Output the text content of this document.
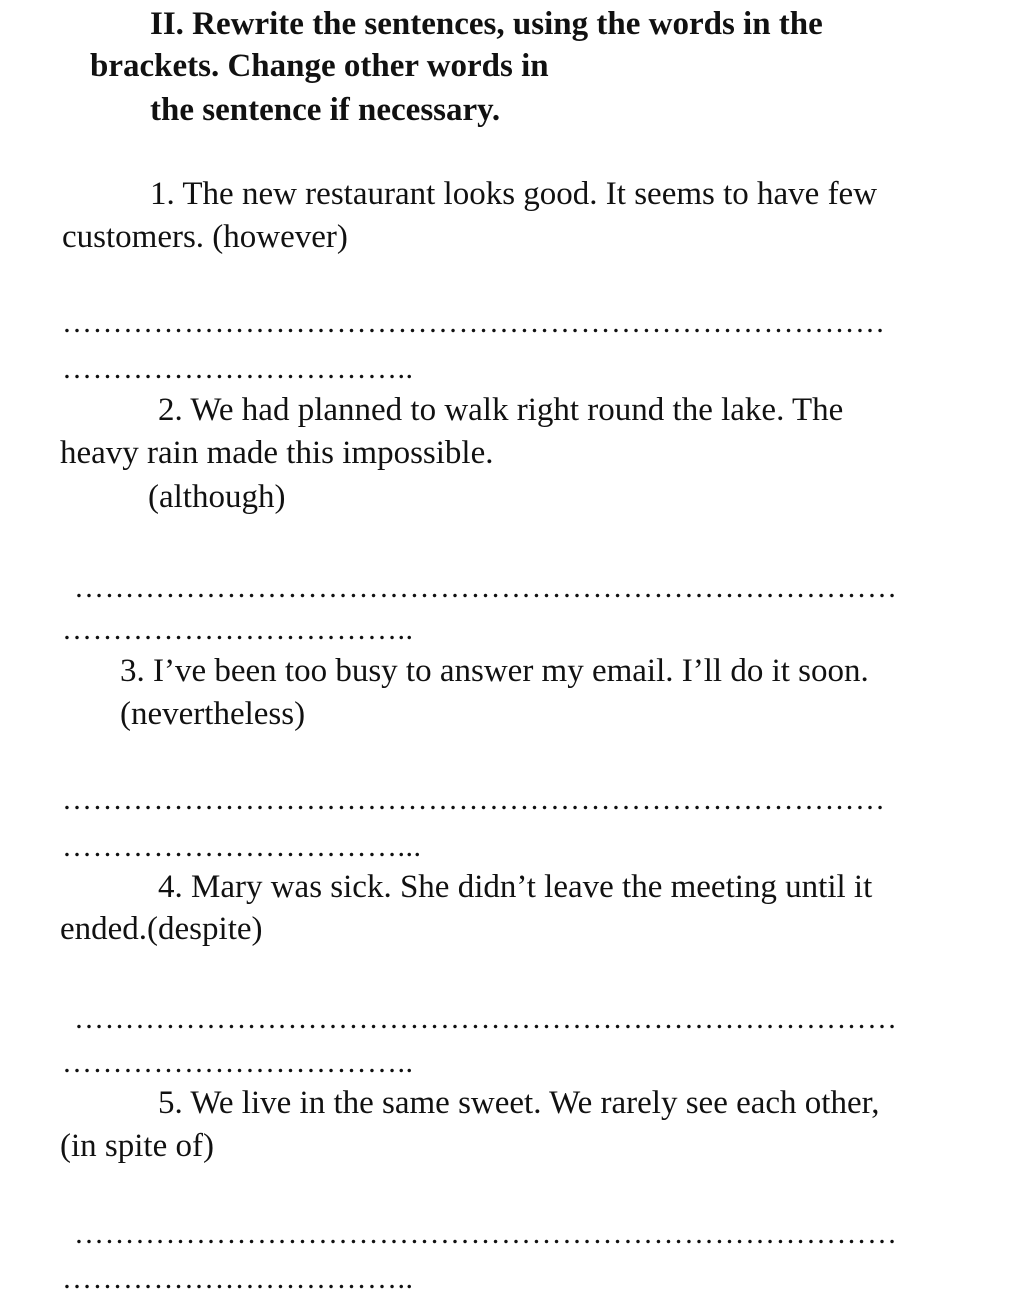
II. Rewrite the sentences, using the words in the
brackets. Change other words in
the sentence if necessary.
1. The new restaurant looks good. It seems to have few
customers. (however)
………………………………………………………………………
……………………………..
2. We had planned to walk right round the lake. The
heavy rain made this impossible.
(although)
………………………………………………………………………
……………………………..
3. I’ve been too busy to answer my email. I’ll do it soon.
(nevertheless)
………………………………………………………………………
……………………………...
4. Mary was sick. She didn’t leave the meeting until it
ended.(despite)
………………………………………………………………………
……………………………..
5. We live in the same sweet. We rarely see each other,
(in spite of)
………………………………………………………………………
……………………………..
